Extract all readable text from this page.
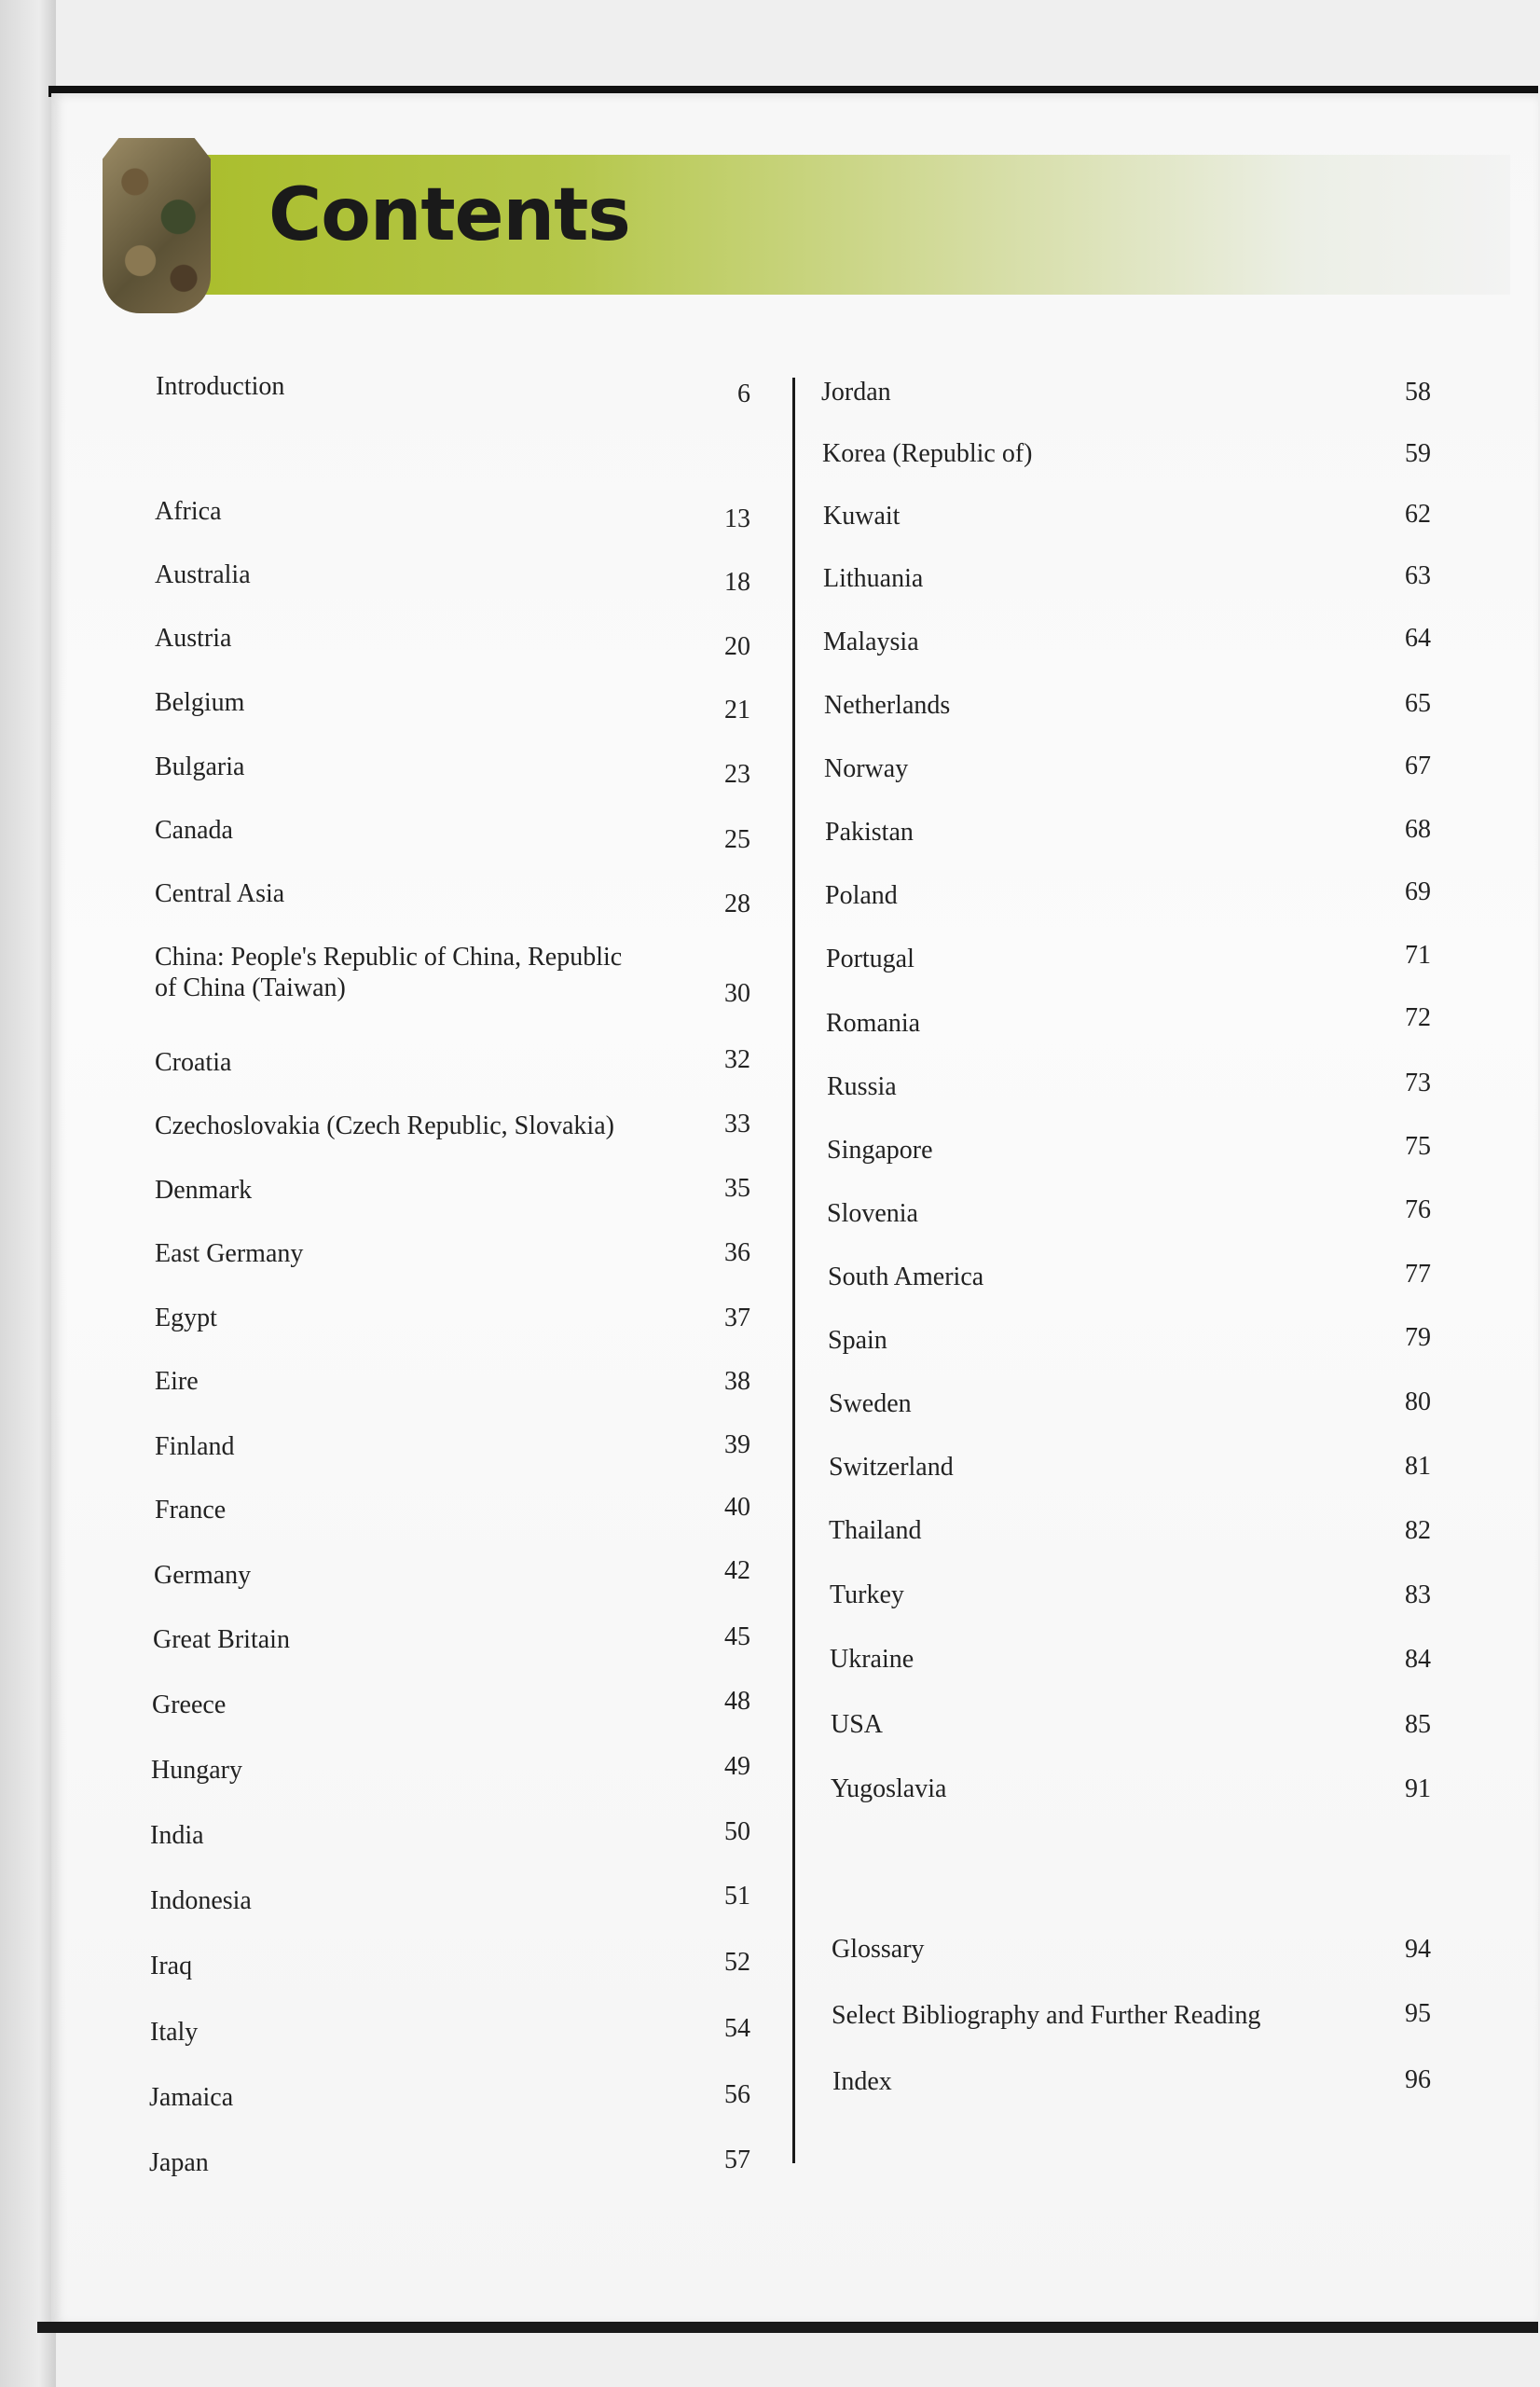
Contents
Introduction	6
Africa	13
Australia	18
Austria	20
Belgium	21
Bulgaria	23
Canada	25
Central Asia	28
China: People's Republic of China, Republic
of China (Taiwan)	30
Croatia	32
Czechoslovakia (Czech Republic, Slovakia)	33
Denmark	35
East Germany	36
Egypt	37
Eire	38
Finland	39
France	40
Germany	42
Great Britain	45
Greece	48
Hungary	49
India	50
Indonesia	51
Iraq	52
Italy	54
Jamaica	56
Japan	57
Jordan	58
Korea (Republic of)	59
Kuwait	62
Lithuania	63
Malaysia	64
Netherlands	65
Norway	67
Pakistan	68
Poland	69
Portugal	71
Romania	72
Russia	73
Singapore	75
Slovenia	76
South America	77
Spain	79
Sweden	80
Switzerland	81
Thailand	82
Turkey	83
Ukraine	84
USA	85
Yugoslavia	91
Glossary	94
Select Bibliography and Further Reading	95
Index	96
